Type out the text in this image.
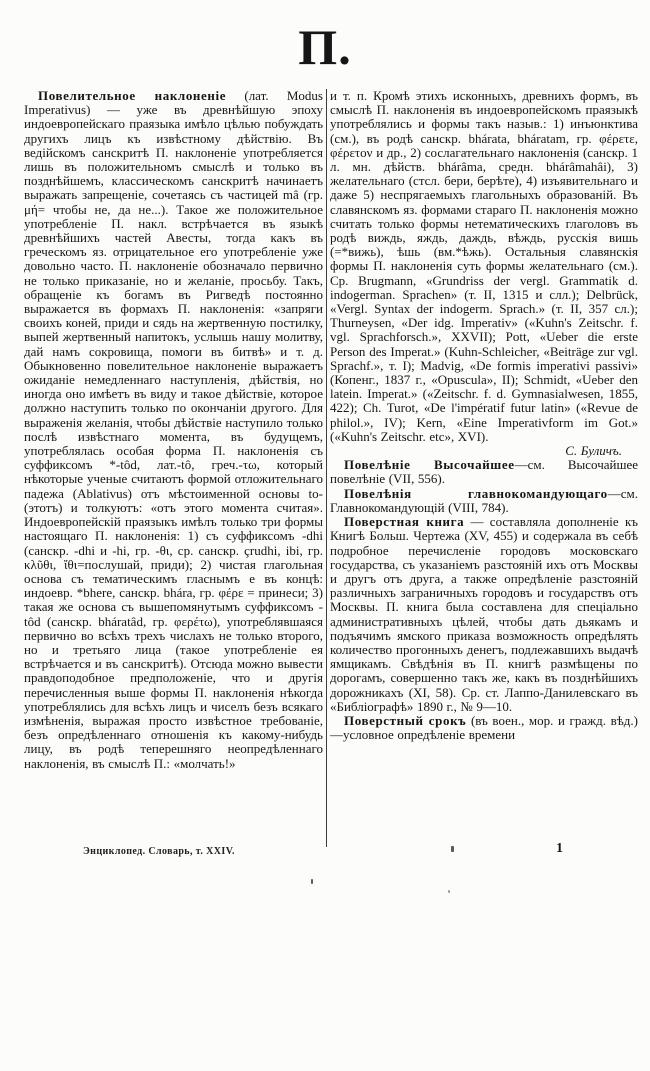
П.

Повелительное наклоненіе (лат. Modus Imperativus) — уже въ древнѣйшую эпоху индоевропейскаго праязыка имѣло цѣлью побуждать другихъ лицъ къ извѣстному дѣйствію. Въ ведійскомъ санскритѣ П. наклоненіе употребляется лишь въ положительномъ смыслѣ и только въ позднѣйшемъ, классическомъ санскритѣ начинаетъ выражать запрещеніе, сочетаясь съ частицей mâ (гр. μή= чтобы не, да не...). Такое же положительное употребленіе П. накл. встрѣчается въ языкѣ древнѣйшихъ частей Авесты, тогда какъ въ греческомъ яз. отрицательное его употребленіе уже довольно часто. П. наклоненіе обозначало первично не только приказаніе, но и желаніе, просьбу. Такъ, обращеніе къ богамъ въ Ригведѣ постоянно выражается въ формахъ П. наклоненія: «запряги своихъ коней, приди и сядь на жертвенную постилку, выпей жертвенный напитокъ, услышь нашу молитву, дай намъ сокровища, помоги въ битвѣ» и т. д. Обыкновенно повелительное наклоненіе выражаетъ ожиданіе немедленнаго наступленія, дѣйствія, но иногда оно имѣетъ въ виду и такое дѣйствіе, которое должно наступить только по окончаніи другого. Для выраженія желанія, чтобы дѣйствіе наступило только послѣ извѣстнаго момента, въ будущемъ, употреблялась особая форма П. наклоненія съ суффиксомъ *-tôd, лат.-tô, греч.-τω, который нѣкоторые ученые считаютъ формой отложительнаго падежа (Ablativus) отъ мѣстоименной основы to- (этотъ) и толкуютъ: «отъ этого момента считая». Индоевропейскій праязыкъ имѣлъ только три формы настоящаго П. наклоненія: 1) съ суффиксомъ -dhi (санскр. -dhi и -hi, гр. -θι, ср. санскр. çrudhi, ibi, гр. κλῦθι, ἴθι=послушай, приди); 2) чистая глагольная основа съ тематическимъ гласнымъ e въ концѣ: индоевр. *bhere, санскр. bhára, гр. φέρε = принеси; 3) такая же основа съ вышепомянутымъ суффиксомъ -tôd (санскр. bháratâd, гр. φερέτω), употреблявшаяся первично во всѣхъ трехъ числахъ не только второго, но и третьяго лица (такое употребленіе ея встрѣчается и въ санскритѣ). Отсюда можно вывести правдоподобное предположеніе, что и другія перечисленныя выше формы П. наклоненія нѣкогда употреблялись для всѣхъ лицъ и чиселъ безъ всякаго измѣненія, выражая просто извѣстное требованіе, безъ опредѣленнаго отношенія къ какому-нибудь лицу, въ родѣ теперешняго неопредѣленнаго наклоненія, въ смыслѣ П.: «молчать!»

и т. п. Кромѣ этихъ исконныхъ, древнихъ формъ, въ смыслѣ П. наклоненія въ индоевропейскомъ праязыкѣ употреблялись и формы такъ назыв.: 1) инъюнктива (см.), въ родѣ санскр. bhárata, bháratam, гр. φέρετε, φέρετον и др., 2) сослагательнаго наклоненія (санскр. 1 л. мн. дѣйств. bhárâma, средн. bhárâmahâi), 3) желательнаго (стсл. бери, берѣте), 4) изъявительнаго и даже 5) неспрягаемыхъ глагольныхъ образованій. Въ славянскомъ яз. формами стараго П. наклоненія можно считать только формы нетематическихъ глаголовъ въ родѣ виждь, яждь, даждь, вѣждь, русскія вишь (=*вижь), ѣшь (вм.*ѣжь). Остальныя славянскія формы П. наклоненія суть формы желательнаго (см.). Ср. Brugmann, «Grundriss der vergl. Grammatik d. indogerman. Sprachen» (т. II, 1315 и слл.); Delbrück, «Vergl. Syntax der indogerm. Sprach.» (т. II, 357 сл.); Thurneysen, «Der idg. Imperativ» («Kuhn's Zeitschr. f. vgl. Sprachforsch.», XXVII); Pott, «Ueber die erste Person des Imperat.» (Kuhn-Schleicher, «Beiträge zur vgl. Sprachf.», т. I); Madvig, «De formis imperativi passivi» (Копенг., 1837 г., «Opuscula», II); Schmidt, «Ueber den latein. Imperat.» («Zeitschr. f. d. Gymnasialwesen, 1855, 422); Ch. Turot, «De l'impératif futur latin» («Revue de philol.», IV); Kern, «Eine Imperativform im Got.» («Kuhn's Zeitschr. etc», XVI).

С. Буличъ.

Повелѣніе Высочайшее—см. Высочайшее повелѣніе (VII, 556).

Повелѣнія главнокомандующаго—см. Главнокомандующій (VIII, 784).

Поверстная книга — составляла дополненіе къ Книгѣ Больш. Чертежа (XV, 455) и содержала въ себѣ подробное перечисленіе городовъ московскаго государства, съ указаніемъ разстояній ихъ отъ Москвы и другъ отъ друга, а также опредѣленіе разстояній различныхъ заграничныхъ городовъ и государствъ отъ Москвы. П. книга была составлена для спеціально административныхъ цѣлей, чтобы дать дьякамъ и подъячимъ ямского приказа возможность опредѣлять количество прогонныхъ денегъ, подлежавшихъ выдачѣ ямщикамъ. Свѣдѣнія въ П. книгѣ размѣщены по дорогамъ, совершенно такъ же, какъ въ позднѣйшихъ дорожникахъ (XI, 58). Ср. ст. Лаппо-Данилевскаго въ «Библіографѣ» 1890 г., № 9—10.

Поверстный срокъ (въ воен., мор. и гражд. вѣд.)—условное опредѣленіе времени

Энциклопед. Словарь, т. XXIV.	1
